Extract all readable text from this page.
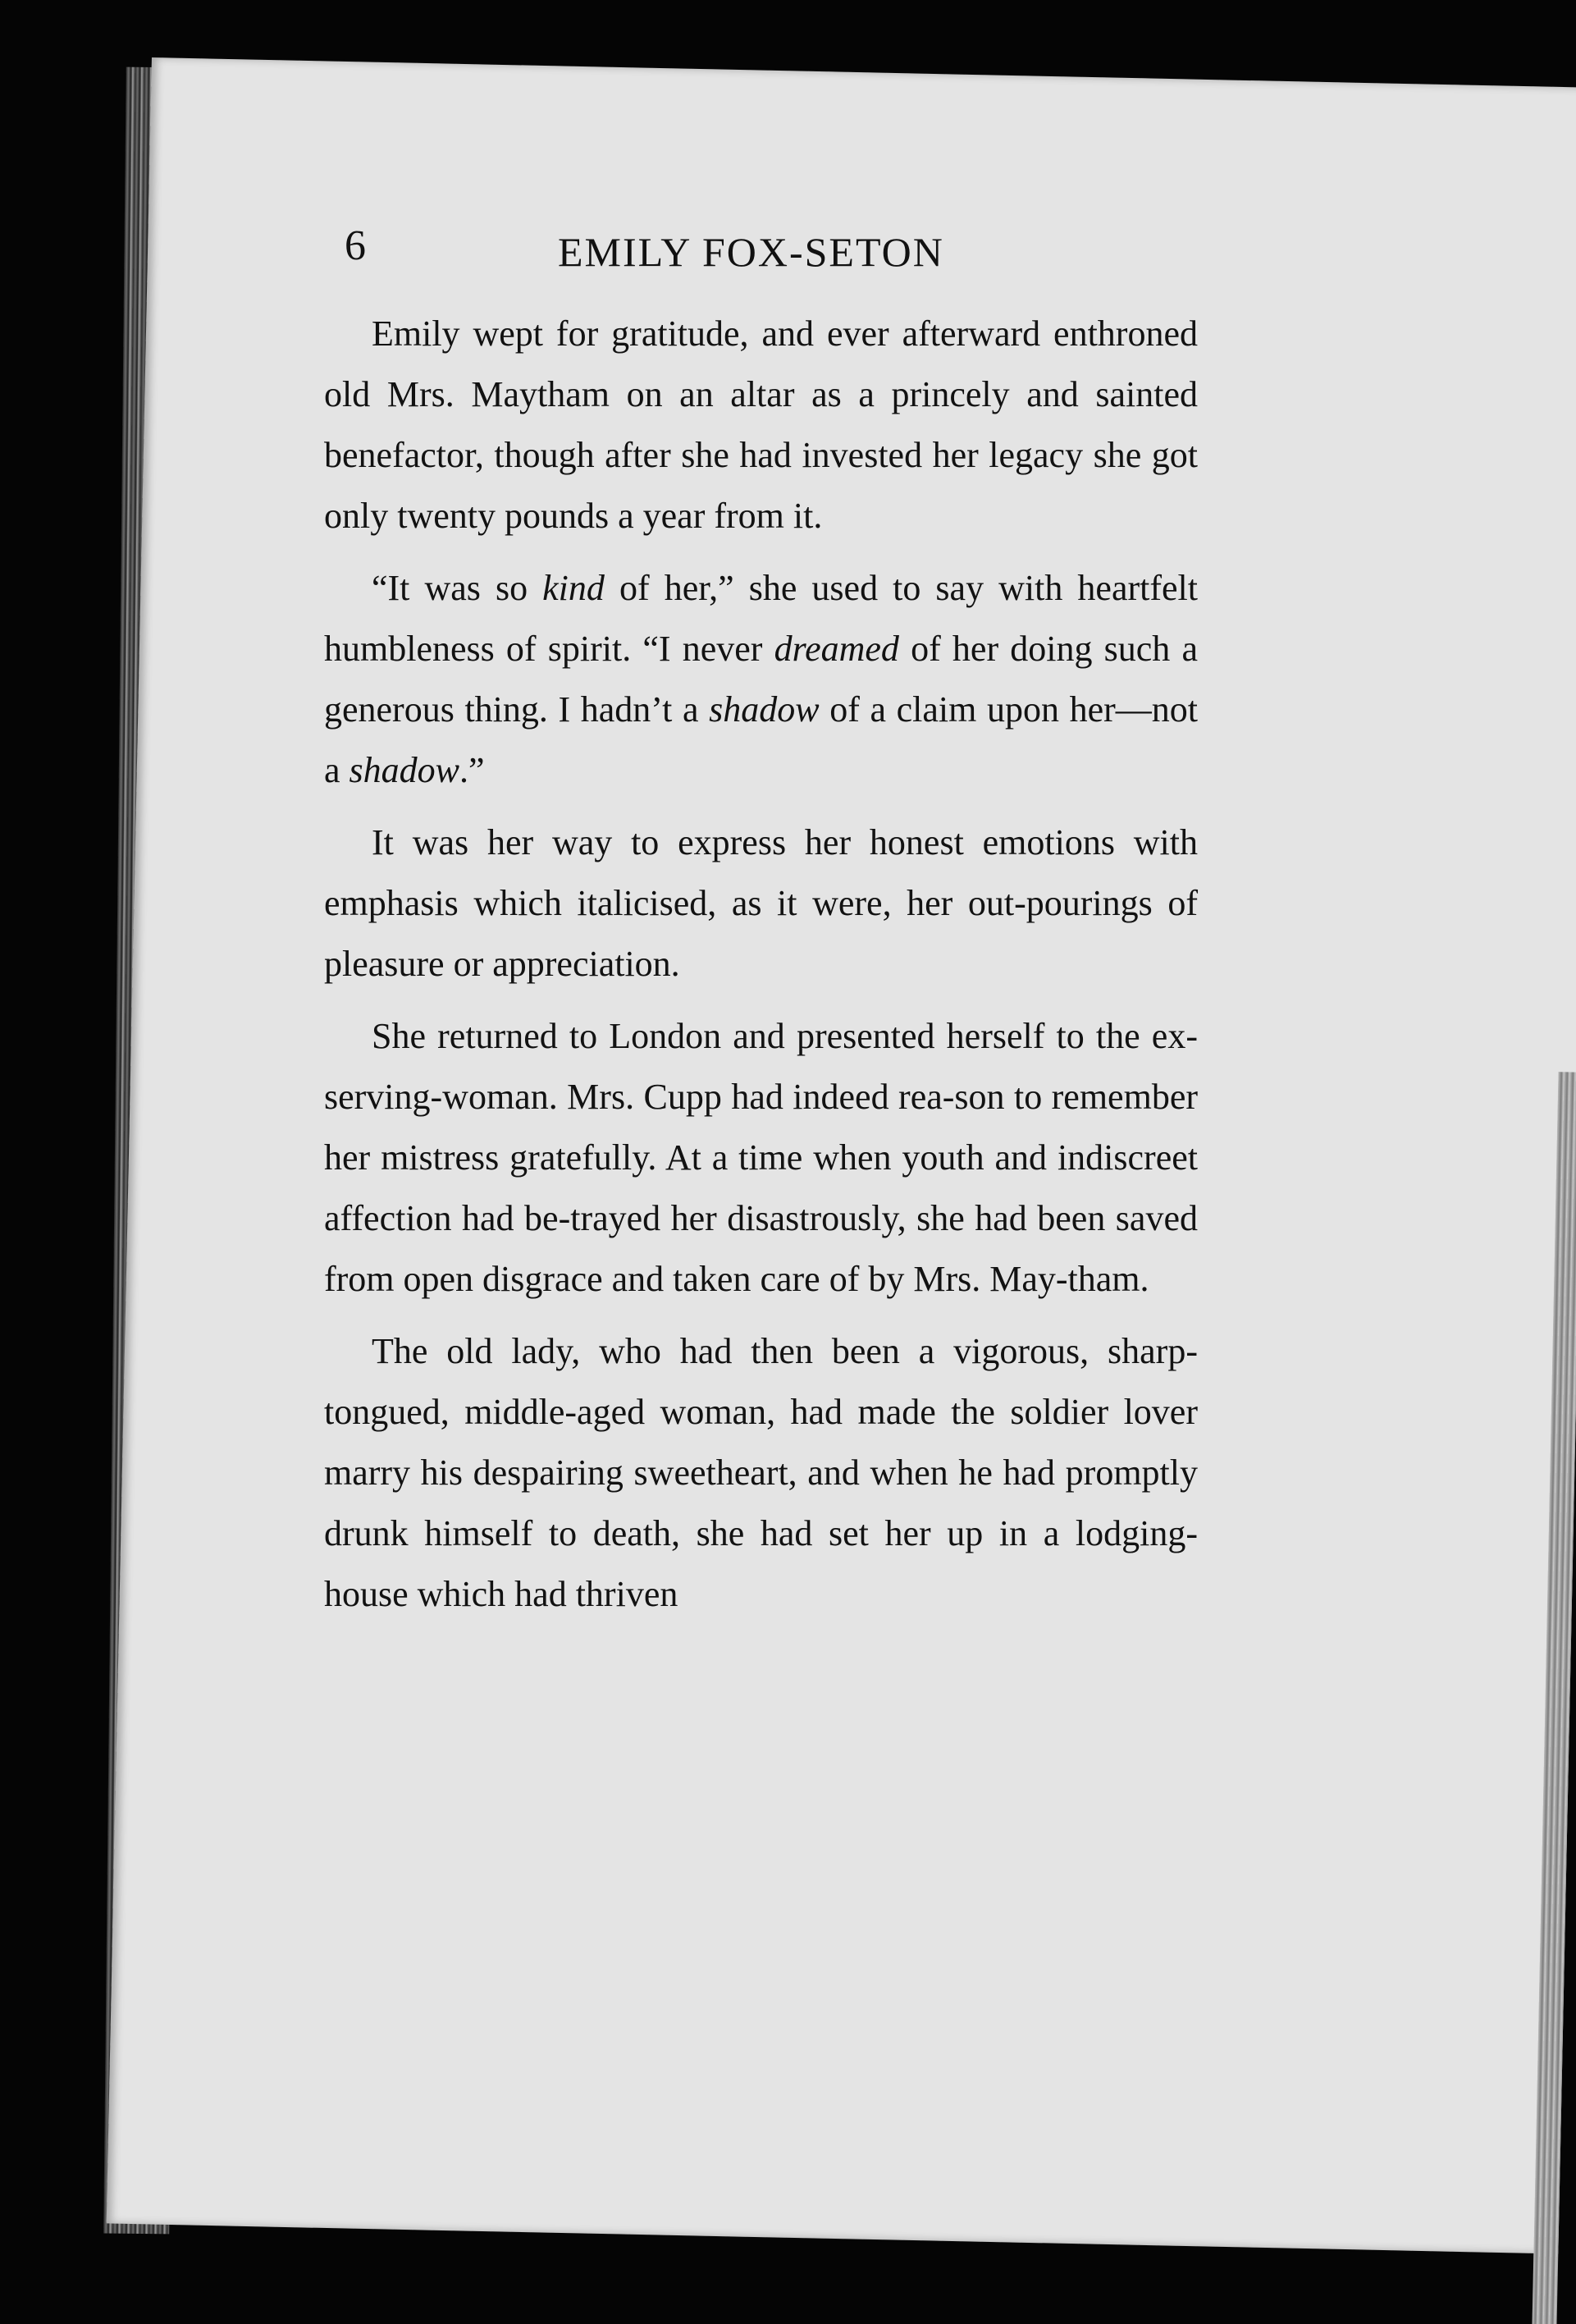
6	EMILY FOX-SETON

Emily wept for gratitude, and ever afterward enthroned old Mrs. Maytham on an altar as a princely and sainted benefactor, though after she had invested her legacy she got only twenty pounds a year from it.

“It was so kind of her,” she used to say with heartfelt humbleness of spirit. “I never dreamed of her doing such a generous thing. I hadn’t a shadow of a claim upon her—not a shadow.”

It was her way to express her honest emotions with emphasis which italicised, as it were, her out-pourings of pleasure or appreciation.

She returned to London and presented herself to the ex-serving-woman. Mrs. Cupp had indeed rea-son to remember her mistress gratefully. At a time when youth and indiscreet affection had be-trayed her disastrously, she had been saved from open disgrace and taken care of by Mrs. May-tham.

The old lady, who had then been a vigorous, sharp-tongued, middle-aged woman, had made the soldier lover marry his despairing sweetheart, and when he had promptly drunk himself to death, she had set her up in a lodging-house which had thriven
